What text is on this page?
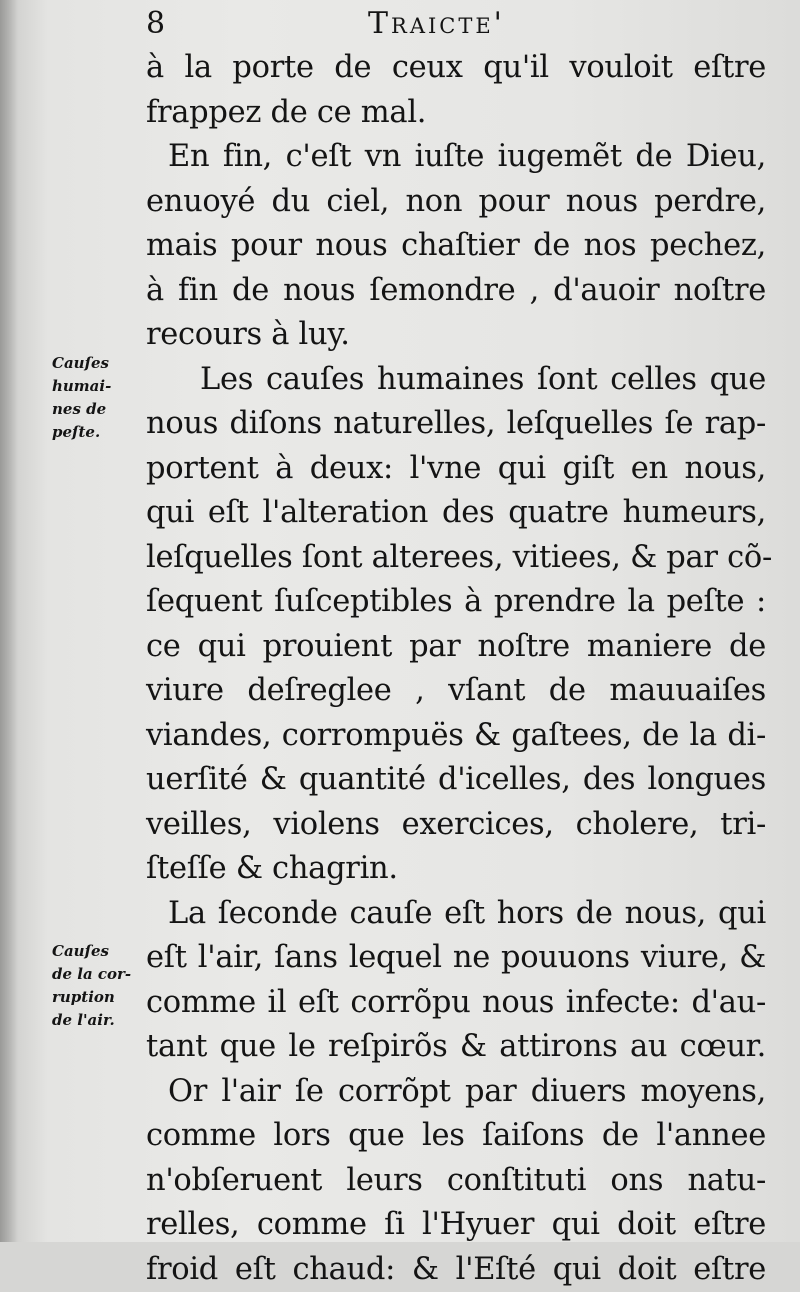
8	Traicte'
Cauſes
humai-
nes de
peſte.
Cauſes
de la cor-
ruption
de l'air.
à la porte de ceux qu'il vouloit eſtre
frappez de ce mal.
En fin, c'eſt vn iuſte iugemẽt de Dieu,
enuoyé du ciel, non pour nous perdre,
mais pour nous chaſtier de nos pechez,
à fin de nous ſemondre , d'auoir noſtre
recours à luy.
Les cauſes humaines ſont celles que
nous diſons naturelles, leſquelles ſe rap-
portent à deux: l'vne qui giſt en nous,
qui eſt l'alteration des quatre humeurs,
leſquelles ſont alterees, vitiees, & par cõ-
ſequent ſuſceptibles à prendre la peſte :
ce qui prouient par noſtre maniere de
viure deſreglee , vſant de mauuaiſes
viandes, corrompuës & gaſtees, de la di-
uerſité & quantité d'icelles, des longues
veilles, violens exercices, cholere, tri-
ſteſſe & chagrin.
La ſeconde cauſe eſt hors de nous, qui
eſt l'air, ſans lequel ne pouuons viure, &
comme il eſt corrõpu nous infecte: d'au-
tant que le reſpirõs & attirons au cœur.
Or l'air ſe corrõpt par diuers moyens,
comme lors que les ſaiſons de l'annee
n'obſeruent leurs conſtituti ons natu-
relles, comme ſi l'Hyuer qui doit eſtre
froid eſt chaud: & l'Eſté qui doit eſtre
